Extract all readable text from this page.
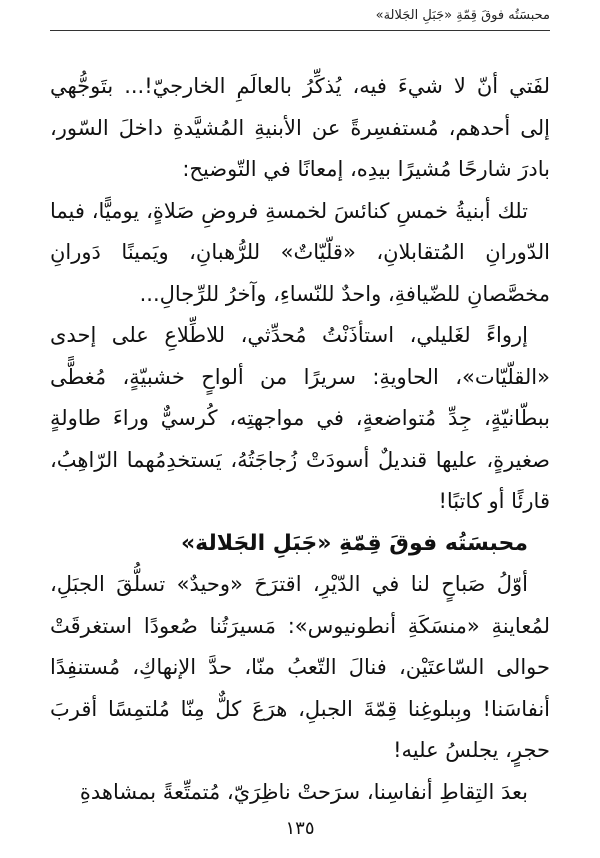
محبسَتُه فوقَ قِمّةِ «جَبَلِ الجَلالة»

لفَتي أنّ لا شيءَ فيه، يُذكِّرُ بالعالَمِ الخارجيّ!... بتَوجُّهي إلى أحدهم، مُستفسِرةً عن الأبنيةِ المُشيَّدةِ داخلَ السّور، بادرَ شارحًا مُشيرًا بيدِه، إمعانًا في التّوضيح:

تلك أبنيةُ خمسِ كنائسَ لخمسةِ فروضِ صَلاةٍ، يوميًّا، فيما الدّورانِ المُتقابلانِ، «قلّيّاتٌ» للرُّهبانِ، ويَمينًا دَورانِ مخصَّصانِ للضّيافةِ، واحدٌ للنّساءِ، وآخرُ للرِّجالِ...

إرواءً لغَليلي، استأذَنْتُ مُحدِّثي، للاطِّلاعِ على إحدى «القلّيّات»، الحاويةِ: سريرًا من ألواحٍ خشبيّةٍ، مُغطًّى ببطّانيّةٍ، جِدِّ مُتواضعةٍ، في مواجهتِه، كُرسيٌّ وراءَ طاولةٍ صغيرةٍ، عليها قنديلٌ أسودَتْ زُجاجَتُهُ، يَستخدِمُهما الرّاهِبُ، قارئًا أو كاتبًا!

محبسَتُه فوقَ قِمّةِ «جَبَلِ الجَلالة»

أوّلُ صَباحٍ لنا في الدّيْرِ، اقترَحَ «وحيدٌ» تسلُّقَ الجبَلِ، لمُعاينةِ «منسَكَةِ أنطونيوس»: مَسيرَتُنا صُعودًا استغرقَتْ حوالى السّاعتَيْن، فنالَ التّعبُ منّا، حدَّ الإنهاكِ، مُستنفِدًا أنفاسَنا! وبِبلوغِنا قِمّةَ الجبلِ، هرَعَ كلٌّ مِنّا مُلتمِسًا أقربَ حجرٍ، يجلسُ عليه!

بعدَ التِقاطِ أنفاسِنا، سرَحتْ ناظِرَيّ، مُتمتِّعةً بمشاهدةِ

١٣٥
